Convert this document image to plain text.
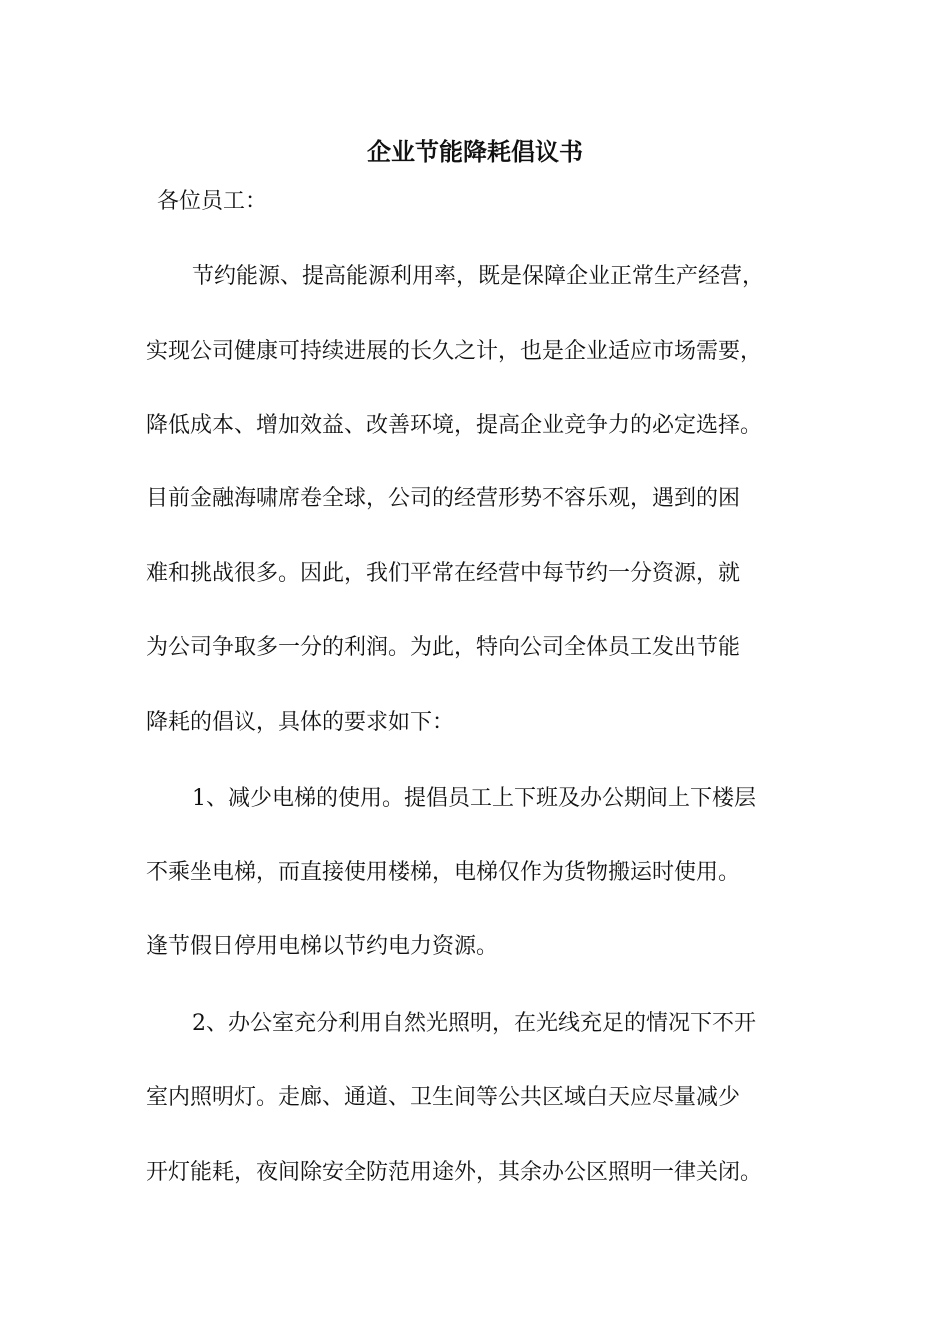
企业节能降耗倡议书
各位员工：
节约能源、提高能源利用率，既是保障企业正常生产经营，
实现公司健康可持续进展的长久之计，也是企业适应市场需要，
降低成本、增加效益、改善环境，提高企业竞争力的必定选择。
目前金融海啸席卷全球，公司的经营形势不容乐观，遇到的困
难和挑战很多。因此，我们平常在经营中每节约一分资源，就
为公司争取多一分的利润。为此，特向公司全体员工发出节能
降耗的倡议，具体的要求如下：
1、减少电梯的使用。提倡员工上下班及办公期间上下楼层
不乘坐电梯，而直接使用楼梯，电梯仅作为货物搬运时使用。
逢节假日停用电梯以节约电力资源。
2、办公室充分利用自然光照明，在光线充足的情况下不开
室内照明灯。走廊、通道、卫生间等公共区域白天应尽量减少
开灯能耗，夜间除安全防范用途外，其余办公区照明一律关闭。
